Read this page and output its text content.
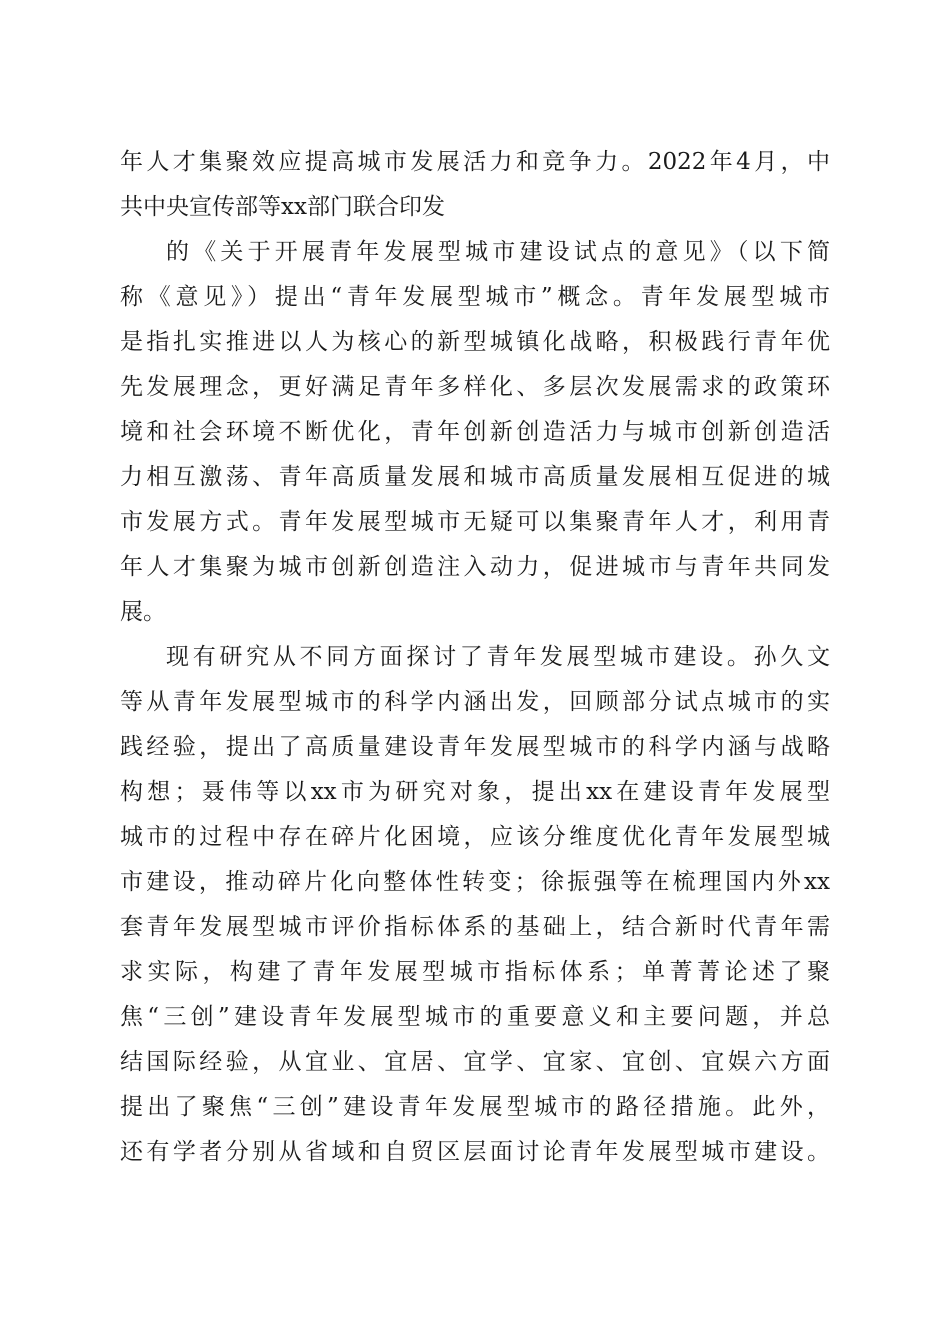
年人才集聚效应提高城市发展活力和竞争力。2022年4月，中
共中央宣传部等xx部门联合印发
的《关于开展青年发展型城市建设试点的意见》（以下简
称《意见》）提出“青年发展型城市”概念。青年发展型城市
是指扎实推进以人为核心的新型城镇化战略，积极践行青年优
先发展理念，更好满足青年多样化、多层次发展需求的政策环
境和社会环境不断优化，青年创新创造活力与城市创新创造活
力相互激荡、青年高质量发展和城市高质量发展相互促进的城
市发展方式。青年发展型城市无疑可以集聚青年人才，利用青
年人才集聚为城市创新创造注入动力，促进城市与青年共同发
展。
现有研究从不同方面探讨了青年发展型城市建设。孙久文
等从青年发展型城市的科学内涵出发，回顾部分试点城市的实
践经验，提出了高质量建设青年发展型城市的科学内涵与战略
构想；聂伟等以xx市为研究对象，提出xx在建设青年发展型
城市的过程中存在碎片化困境，应该分维度优化青年发展型城
市建设，推动碎片化向整体性转变；徐振强等在梳理国内外xx
套青年发展型城市评价指标体系的基础上，结合新时代青年需
求实际，构建了青年发展型城市指标体系；单菁菁论述了聚
焦“三创”建设青年发展型城市的重要意义和主要问题，并总
结国际经验，从宜业、宜居、宜学、宜家、宜创、宜娱六方面
提出了聚焦“三创”建设青年发展型城市的路径措施。此外，
还有学者分别从省域和自贸区层面讨论青年发展型城市建设。
